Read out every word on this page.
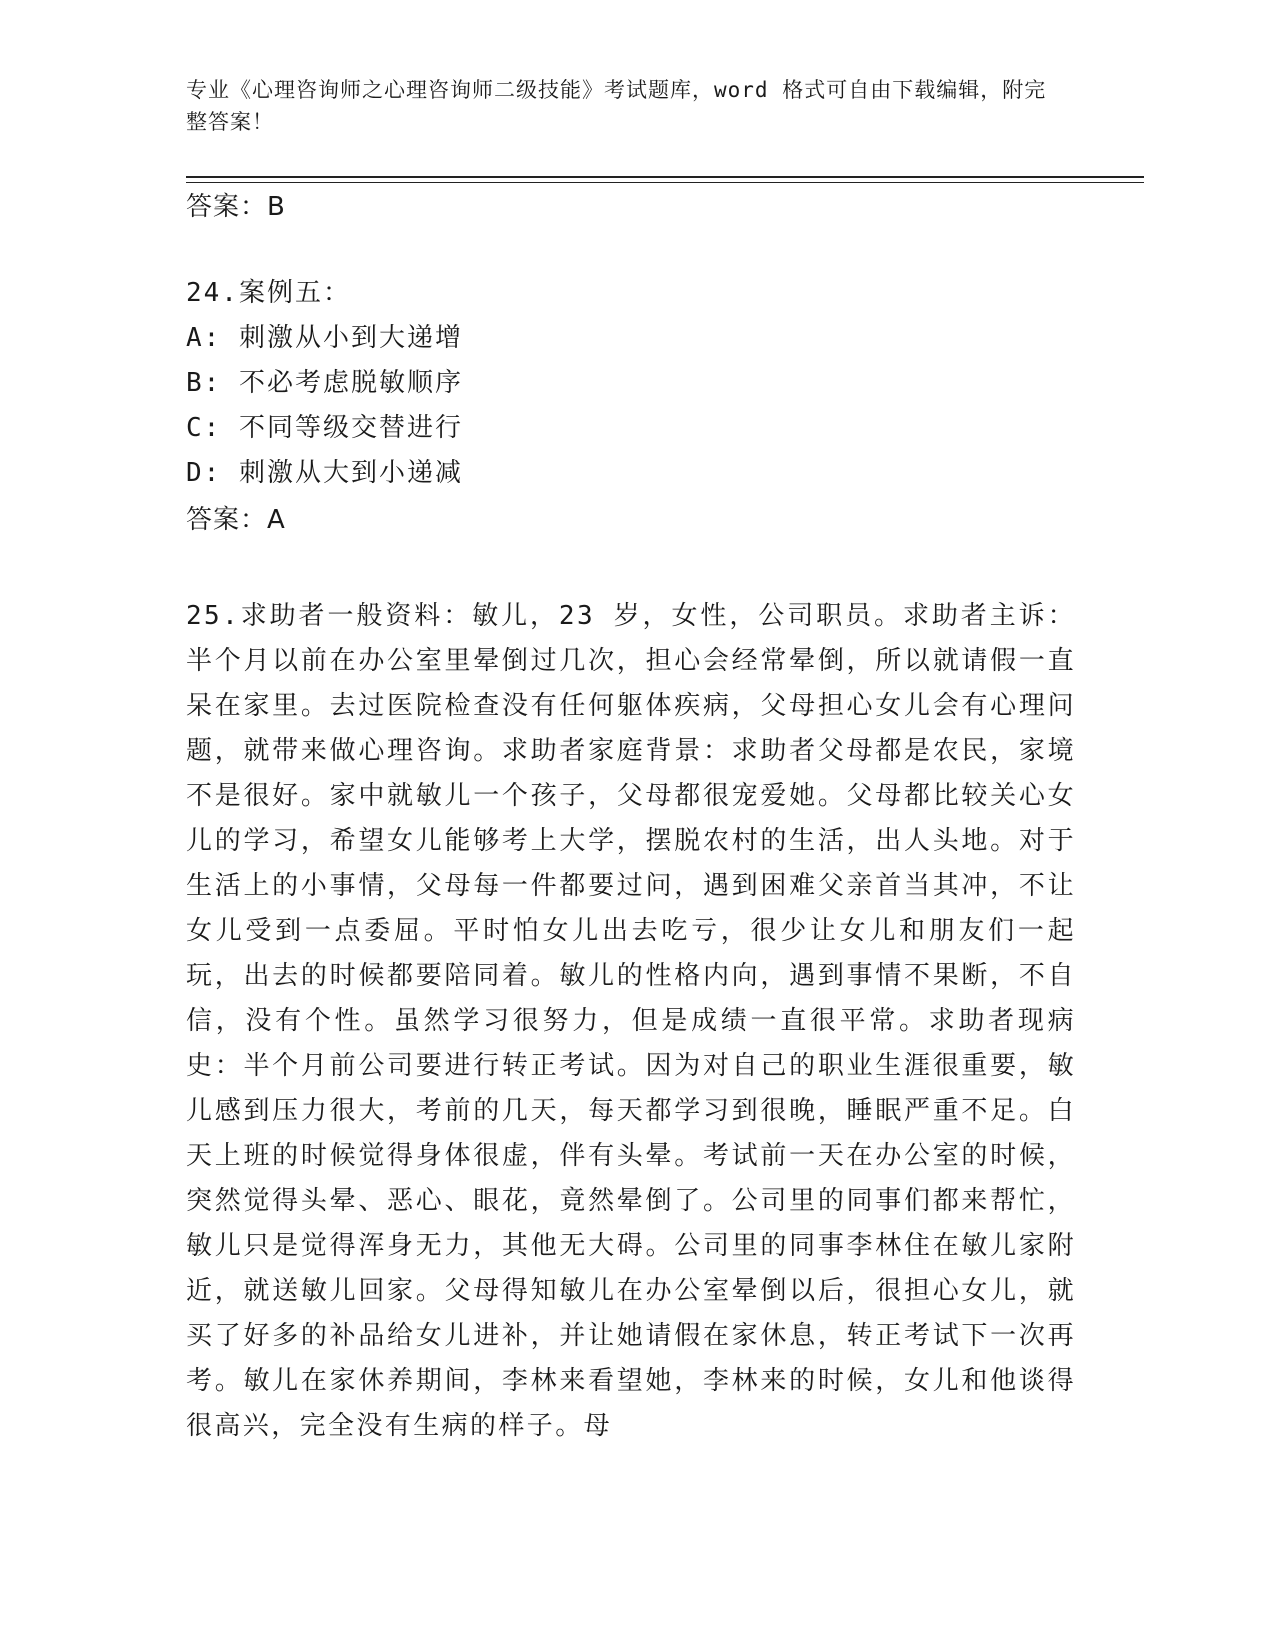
专业《心理咨询师之心理咨询师二级技能》考试题库，word 格式可自由下载编辑，附完整答案！
答案：B
24.案例五：
A: 刺激从小到大递增
B: 不必考虑脱敏顺序
C: 不同等级交替进行
D: 刺激从大到小递减
答案：A
25.求助者一般资料：敏儿，23 岁，女性，公司职员。求助者主诉：半个月以前在办公室里晕倒过几次，担心会经常晕倒，所以就请假一直呆在家里。去过医院检查没有任何躯体疾病，父母担心女儿会有心理问题，就带来做心理咨询。求助者家庭背景：求助者父母都是农民，家境不是很好。家中就敏儿一个孩子，父母都很宠爱她。父母都比较关心女儿的学习，希望女儿能够考上大学，摆脱农村的生活，出人头地。对于生活上的小事情，父母每一件都要过问，遇到困难父亲首当其冲，不让女儿受到一点委屈。平时怕女儿出去吃亏，很少让女儿和朋友们一起玩，出去的时候都要陪同着。敏儿的性格内向，遇到事情不果断，不自信，没有个性。虽然学习很努力，但是成绩一直很平常。求助者现病史：半个月前公司要进行转正考试。因为对自己的职业生涯很重要，敏儿感到压力很大，考前的几天，每天都学习到很晚，睡眠严重不足。白天上班的时候觉得身体很虚，伴有头晕。考试前一天在办公室的时候，突然觉得头晕、恶心、眼花，竟然晕倒了。公司里的同事们都来帮忙，敏儿只是觉得浑身无力，其他无大碍。公司里的同事李林住在敏儿家附近，就送敏儿回家。父母得知敏儿在办公室晕倒以后，很担心女儿，就买了好多的补品给女儿进补，并让她请假在家休息，转正考试下一次再考。敏儿在家休养期间，李林来看望她，李林来的时候，女儿和他谈得很高兴，完全没有生病的样子。母
